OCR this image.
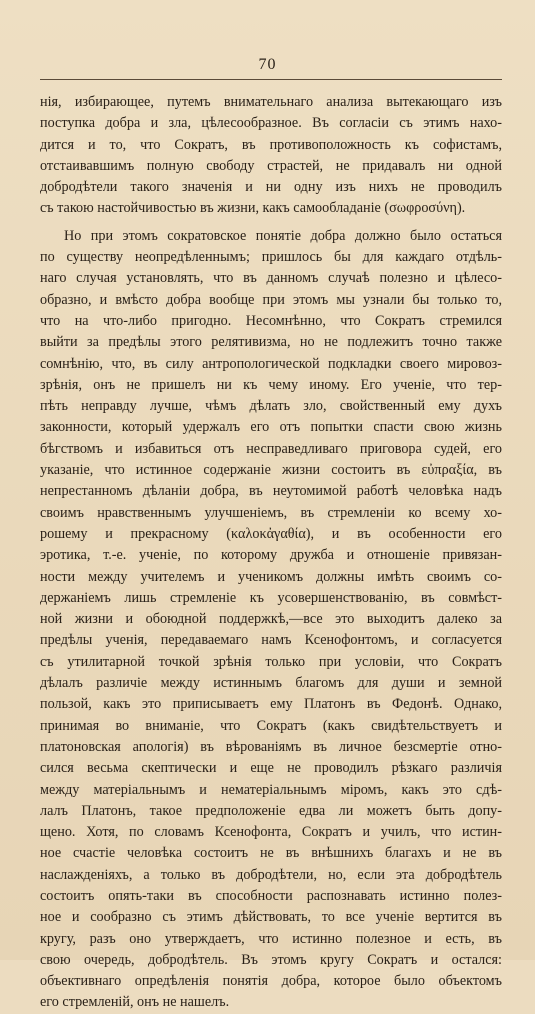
70
нія, избирающее, путемъ внимательнаго анализа вытекающаго изъ
поступка добра и зла, цѣлесообразное. Въ согласіи съ этимъ нахо-
дится и то, что Сократъ, въ противоположность къ софистамъ,
отстаивавшимъ полную свободу страстей, не придавалъ ни одной
добродѣтели такого значенія и ни одну изъ нихъ не проводилъ
съ такою настойчивостью въ жизни, какъ самообладаніе (σωφροσύνη).
Но при этомъ сократовское понятіе добра должно было остаться
по существу неопредѣленнымъ; пришлось бы для каждаго отдѣль-
наго случая установлять, что въ данномъ случаѣ полезно и цѣлесо-
образно, и вмѣсто добра вообще при этомъ мы узнали бы только то,
что на что-либо пригодно. Несомнѣнно, что Сократъ стремился
выйти за предѣлы этого релятивизма, но не подлежитъ точно также
сомнѣнію, что, въ силу антропологической подкладки своего мировоз-
зрѣнія, онъ не пришелъ ни къ чему иному. Его ученіе, что тер-
пѣть неправду лучше, чѣмъ дѣлать зло, свойственный ему духъ
законности, который удержалъ его отъ попытки спасти свою жизнь
бѣгствомъ и избавиться отъ несправедливаго приговора судей, его
указаніе, что истинное содержаніе жизни состоитъ въ εὐπραξία, въ
непрестанномъ дѣланіи добра, въ неутомимой работѣ человѣка надъ
своимъ нравственнымъ улучшеніемъ, въ стремленіи ко всему хо-
рошему и прекрасному (καλοκἀγαθία), и въ особенности его
эротика, т.-е. ученіе, по которому дружба и отношеніе привязан-
ности между учителемъ и ученикомъ должны имѣть своимъ со-
держаніемъ лишь стремленіе къ усовершенствованію, въ совмѣст-
ной жизни и обоюдной поддержкѣ,—все это выходитъ далеко за
предѣлы ученія, передаваемаго намъ Ксенофонтомъ, и согласуется
съ утилитарной точкой зрѣнія только при условіи, что Сократъ
дѣлалъ различіе между истиннымъ благомъ для души и земной
пользой, какъ это приписываетъ ему Платонъ въ Федонѣ. Однако,
принимая во вниманіе, что Сократъ (какъ свидѣтельствуетъ и
платоновская апологія) въ вѣрованіямъ въ личное безсмертіе отно-
сился весьма скептически и еще не проводилъ рѣзкаго различія
между матеріальнымъ и нематеріальнымъ міромъ, какъ это сдѣ-
лалъ Платонъ, такое предположеніе едва ли можетъ быть допу-
щено. Хотя, по словамъ Ксенофонта, Сократъ и училъ, что истин-
ное счастіе человѣка состоитъ не въ внѣшнихъ благахъ и не въ
наслажденіяхъ, а только въ добродѣтели, но, если эта добродѣтель
состоитъ опять-таки въ способности распознавать истинно полез-
ное и сообразно съ этимъ дѣйствовать, то все ученіе вертится въ
кругу, разъ оно утверждаетъ, что истинно полезное и есть, въ
свою очередь, добродѣтель. Въ этомъ кругу Сократъ и остался:
объективнаго опредѣленія понятія добра, которое было объектомъ
его стремленій, онъ не нашелъ.
